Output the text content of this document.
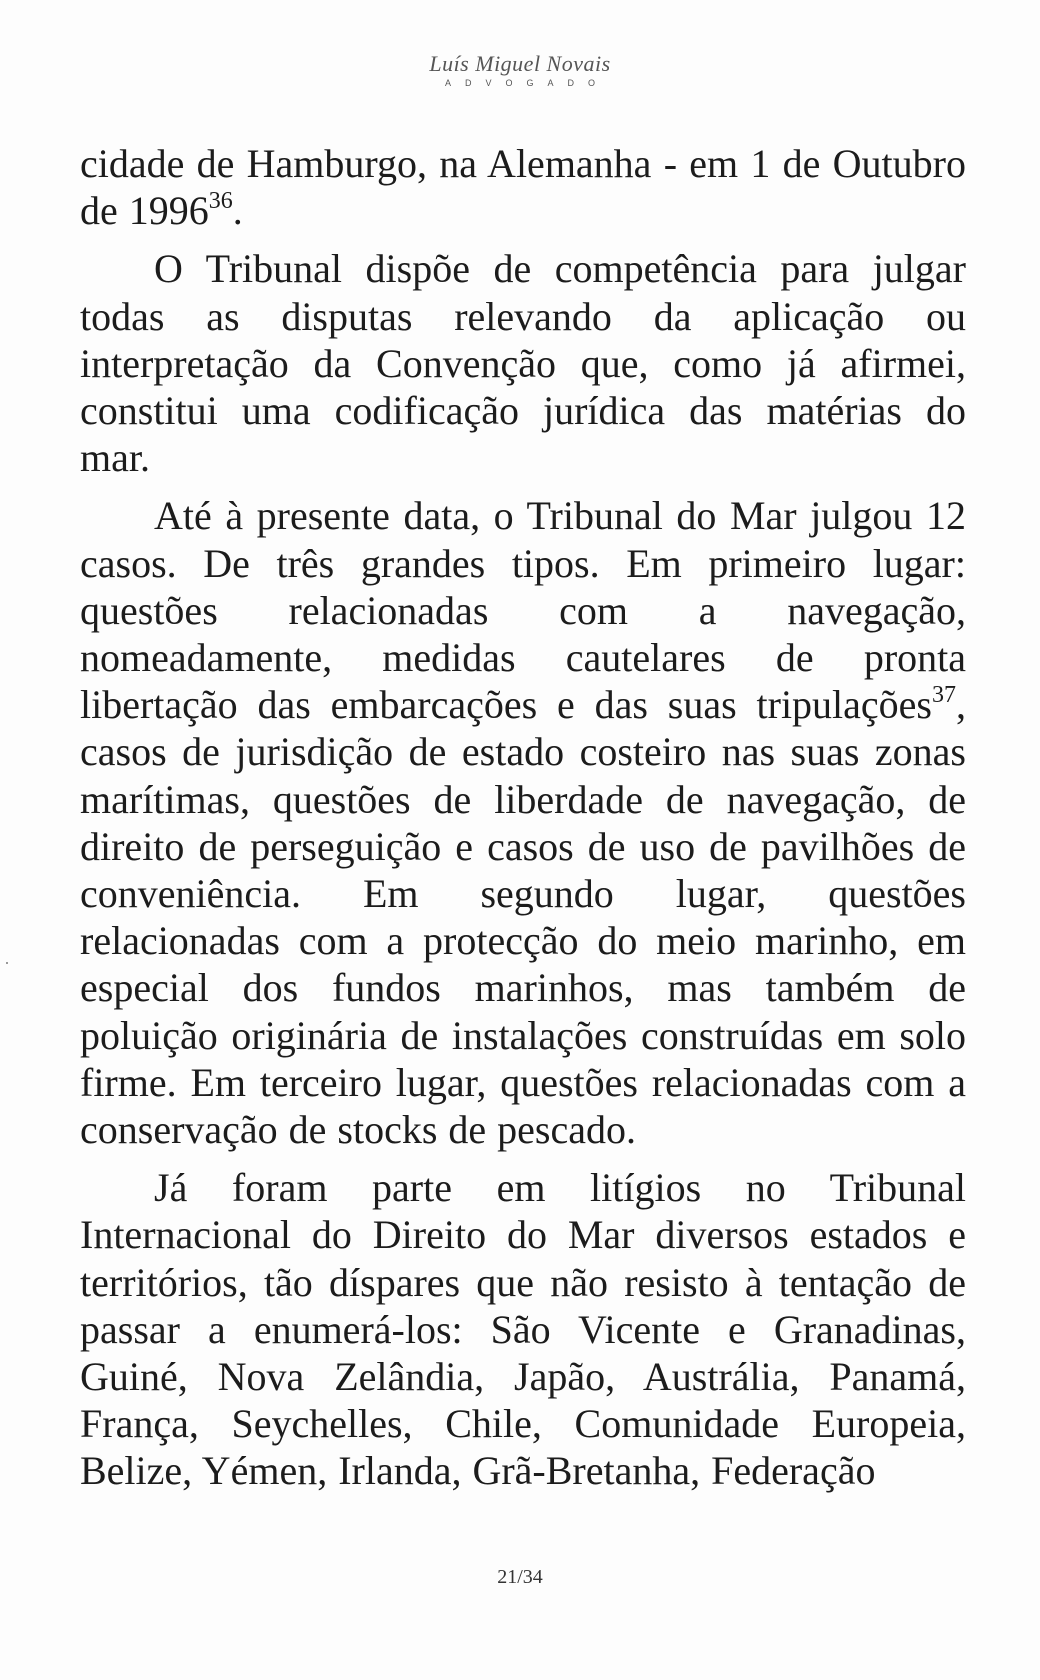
Luís Miguel Novais
ADVOGADO

cidade de Hamburgo, na Alemanha - em 1 de Outubro de 1996$^{36}$.

O Tribunal dispõe de competência para julgar todas as disputas relevando da aplicação ou interpretação da Convenção que, como já afirmei, constitui uma codificação jurídica das matérias do mar.

Até à presente data, o Tribunal do Mar julgou 12 casos. De três grandes tipos. Em primeiro lugar: questões relacionadas com a navegação, nomeadamente, medidas cautelares de pronta libertação das embarcações e das suas tripulações$^{37}$, casos de jurisdição de estado costeiro nas suas zonas marítimas, questões de liberdade de navegação, de direito de perseguição e casos de uso de pavilhões de conveniência. Em segundo lugar, questões relacionadas com a protecção do meio marinho, em especial dos fundos marinhos, mas também de poluição originária de instalações construídas em solo firme. Em terceiro lugar, questões relacionadas com a conservação de stocks de pescado.

Já foram parte em litígios no Tribunal Internacional do Direito do Mar diversos estados e territórios, tão díspares que não resisto à tentação de passar a enumerá-los: São Vicente e Granadinas, Guiné, Nova Zelândia, Japão, Austrália, Panamá, França, Seychelles, Chile, Comunidade Europeia, Belize, Yémen, Irlanda, Grã-Bretanha, Federação

21/34
